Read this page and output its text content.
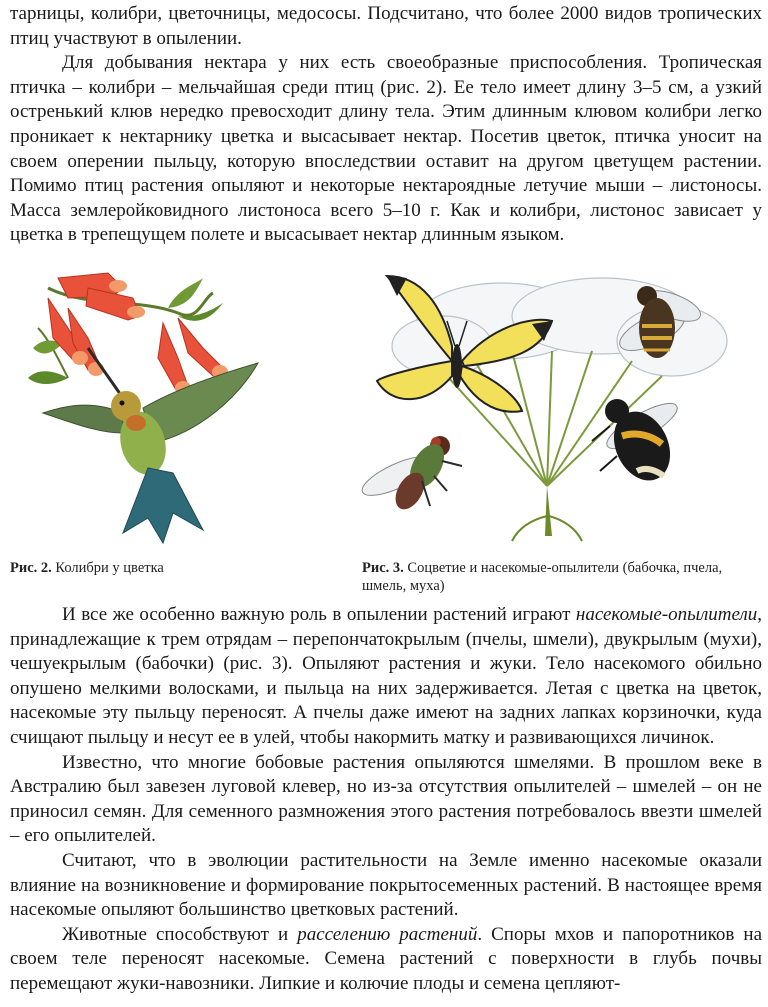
тарницы, колибри, цветочницы, медососы. Подсчитано, что более 2000 видов тропических птиц участвуют в опылении.

Для добывания нектара у них есть своеобразные приспособления. Тропическая птичка – колибри – мельчайшая среди птиц (рис. 2). Ее тело имеет длину 3–5 см, а узкий остренький клюв нередко превосходит длину тела. Этим длинным клювом колибри легко проникает к нектарнику цветка и высасывает нектар. Посетив цветок, птичка уносит на своем оперении пыльцу, которую впоследствии оставит на другом цветущем растении. Помимо птиц растения опыляют и некоторые нектароядные летучие мыши – листоносы. Масса землеройковидного листоноса всего 5–10 г. Как и колибри, листонос зависает у цветка в трепещущем полете и высасывает нектар длинным языком.

Рис. 2. Колибри у цветка	Рис. 3. Соцветие и насекомые-опылители (бабочка, пчела, шмель, муха)

И все же особенно важную роль в опылении растений играют насекомые-опылители, принадлежащие к трем отрядам – перепончатокрылым (пчелы, шмели), двукрылым (мухи), чешуекрылым (бабочки) (рис. 3). Опыляют растения и жуки. Тело насекомого обильно опушено мелкими волосками, и пыльца на них задерживается. Летая с цветка на цветок, насекомые эту пыльцу переносят. А пчелы даже имеют на задних лапках корзиночки, куда счищают пыльцу и несут ее в улей, чтобы накормить матку и развивающихся личинок.

Известно, что многие бобовые растения опыляются шмелями. В прошлом веке в Австралию был завезен луговой клевер, но из-за отсутствия опылителей – шмелей – он не приносил семян. Для семенного размножения этого растения потребовалось ввезти шмелей – его опылителей.

Считают, что в эволюции растительности на Земле именно насекомые оказали влияние на возникновение и формирование покрытосеменных растений. В настоящее время насекомые опыляют большинство цветковых растений.

Животные способствуют и расселению растений. Споры мхов и папоротников на своем теле переносят насекомые. Семена растений с поверхности в глубь почвы перемещают жуки-навозники. Липкие и колючие плоды и семена цепляют-
